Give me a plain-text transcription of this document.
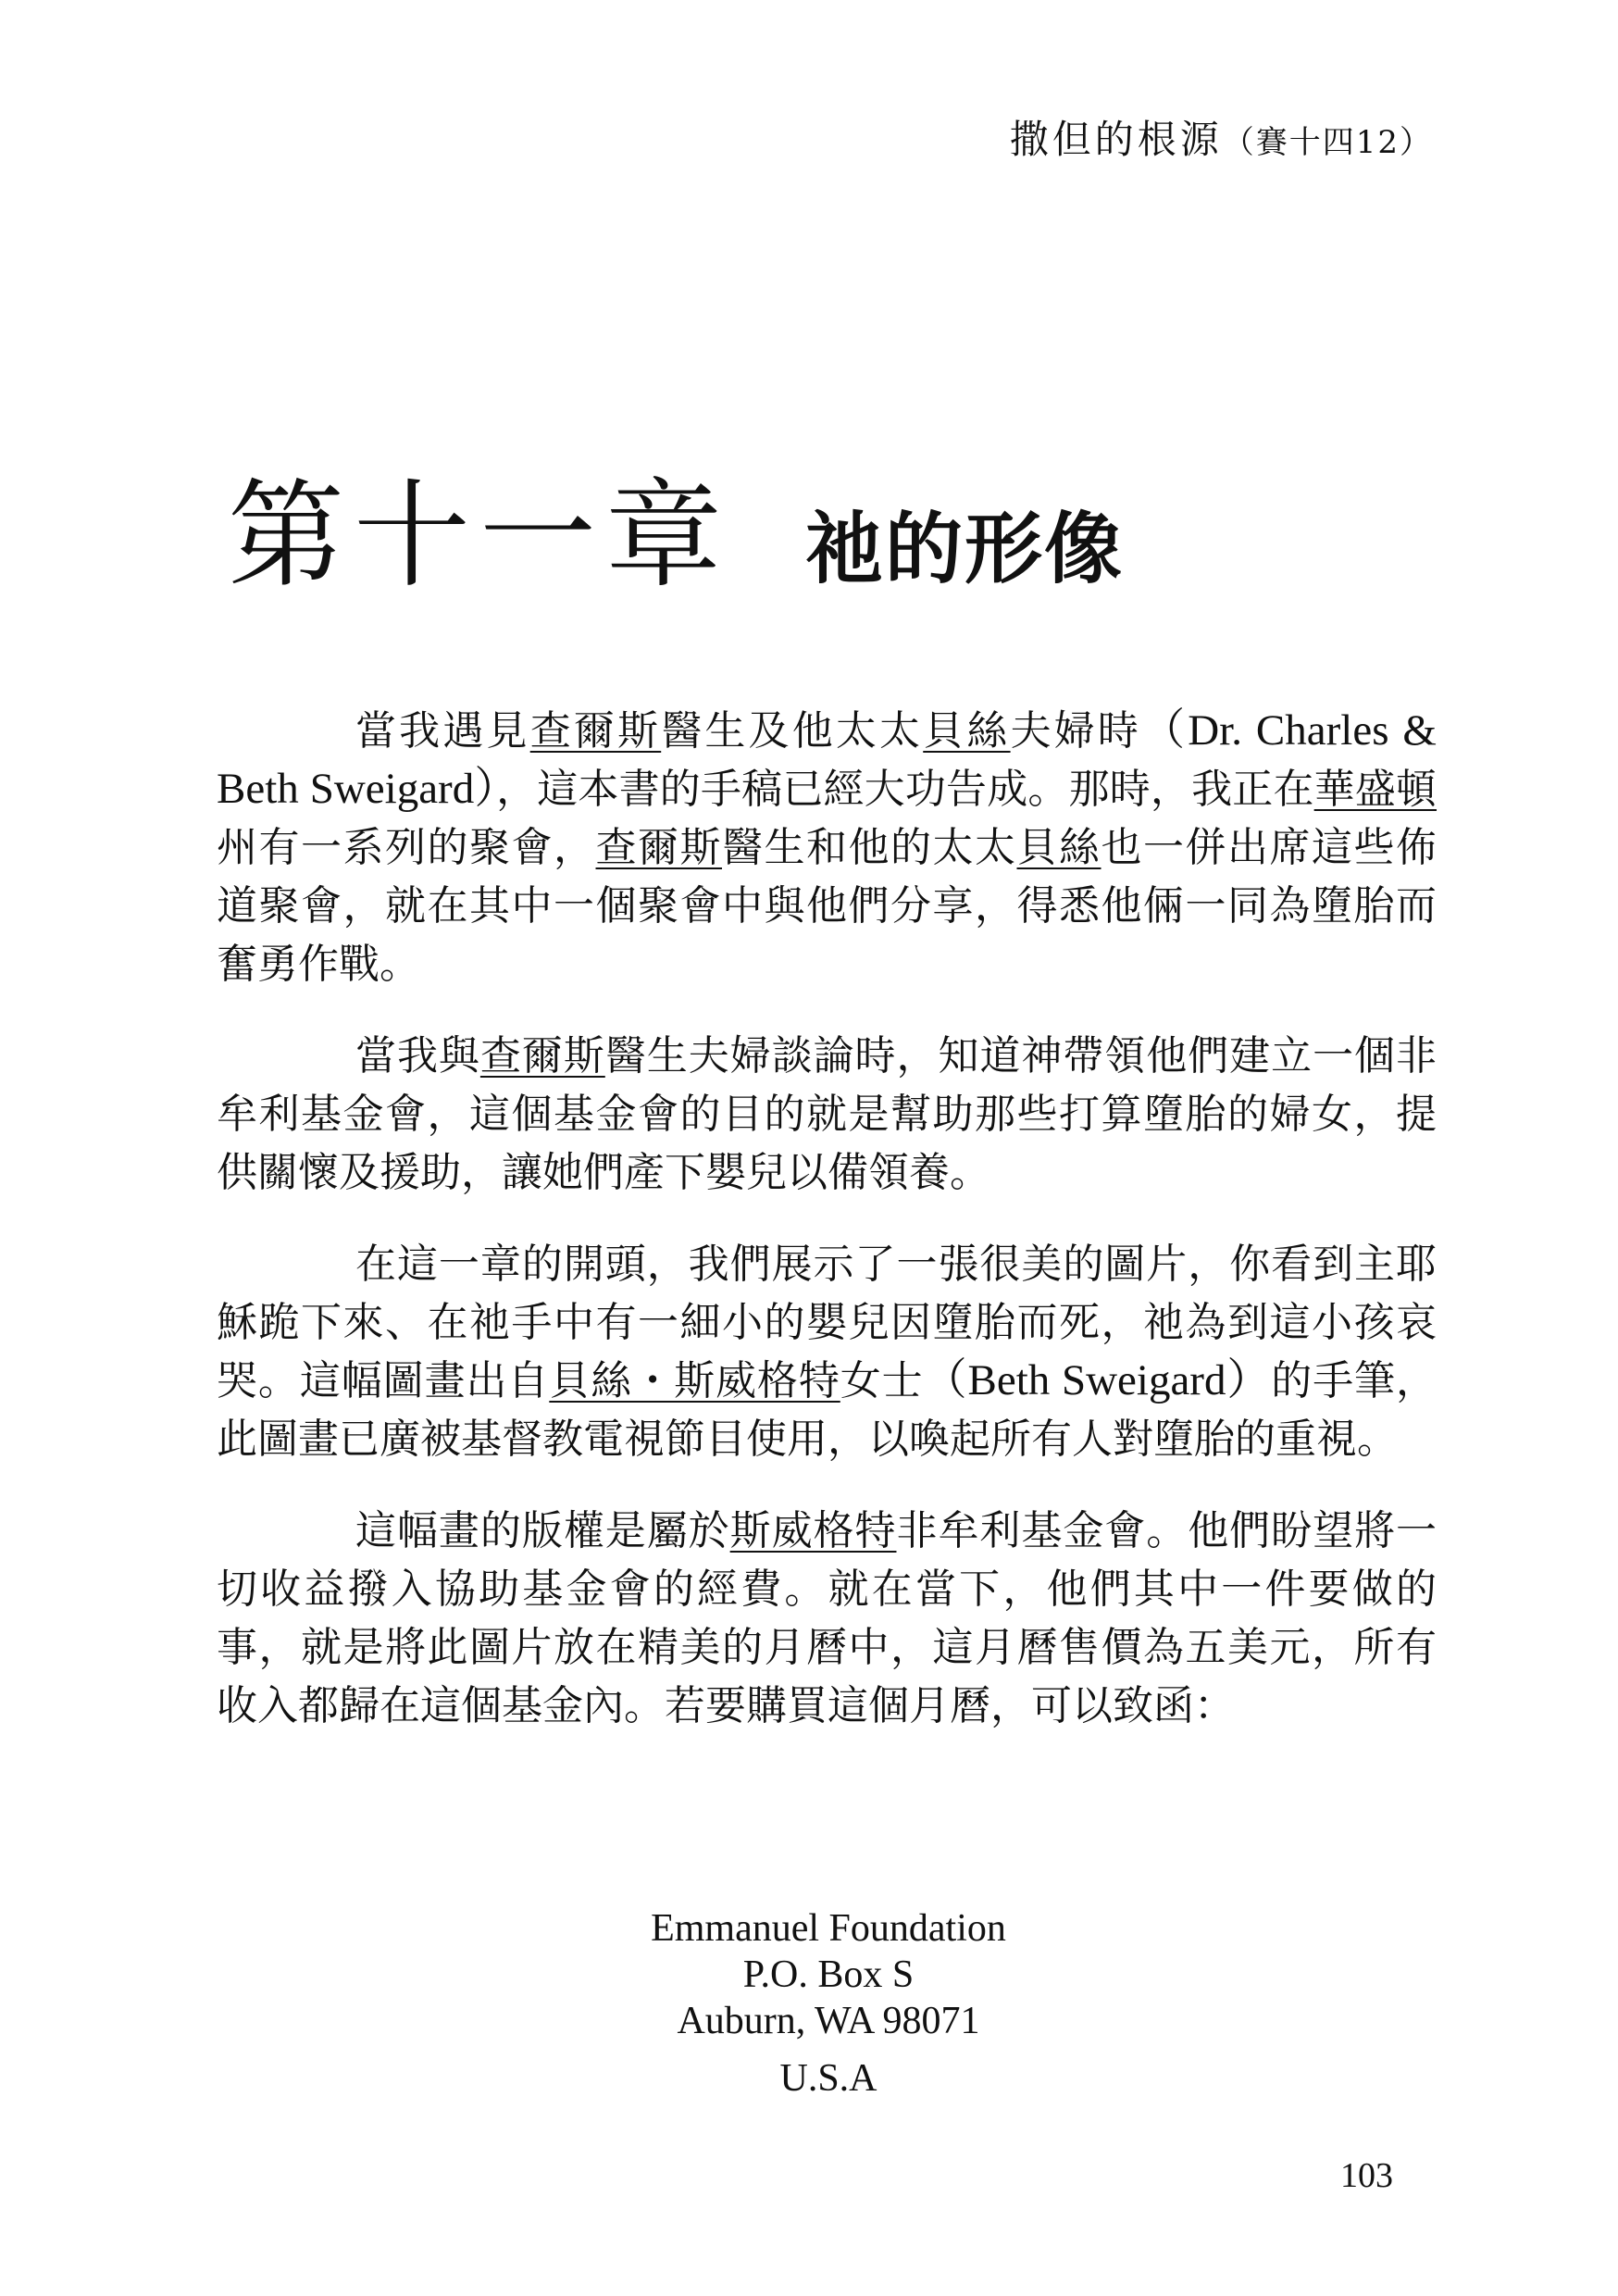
撒但的根源（賽十四12）
第十一章 祂的形像

當我遇見查爾斯醫生及他太太貝絲夫婦時（Dr. Charles & Beth Sweigard），這本書的手稿已經大功告成。那時，我正在華盛頓州有一系列的聚會，查爾斯醫生和他的太太貝絲也一併出席這些佈道聚會，就在其中一個聚會中與他們分享，得悉他倆一同為墮胎而奮勇作戰。

當我與查爾斯醫生夫婦談論時，知道神帶領他們建立一個非牟利基金會，這個基金會的目的就是幫助那些打算墮胎的婦女，提供關懷及援助，讓她們產下嬰兒以備領養。

在這一章的開頭，我們展示了一張很美的圖片，你看到主耶穌跪下來、在祂手中有一細小的嬰兒因墮胎而死，祂為到這小孩哀哭。這幅圖畫出自貝絲・斯威格特女士（Beth Sweigard）的手筆，此圖畫已廣被基督教電視節目使用，以喚起所有人對墮胎的重視。

這幅畫的版權是屬於斯威格特非牟利基金會。他們盼望將一切收益撥入協助基金會的經費。就在當下，他們其中一件要做的事，就是將此圖片放在精美的月曆中，這月曆售價為五美元，所有收入都歸在這個基金內。若要購買這個月曆，可以致函：

Emmanuel Foundation
P.O. Box S
Auburn, WA 98071
U.S.A
103
